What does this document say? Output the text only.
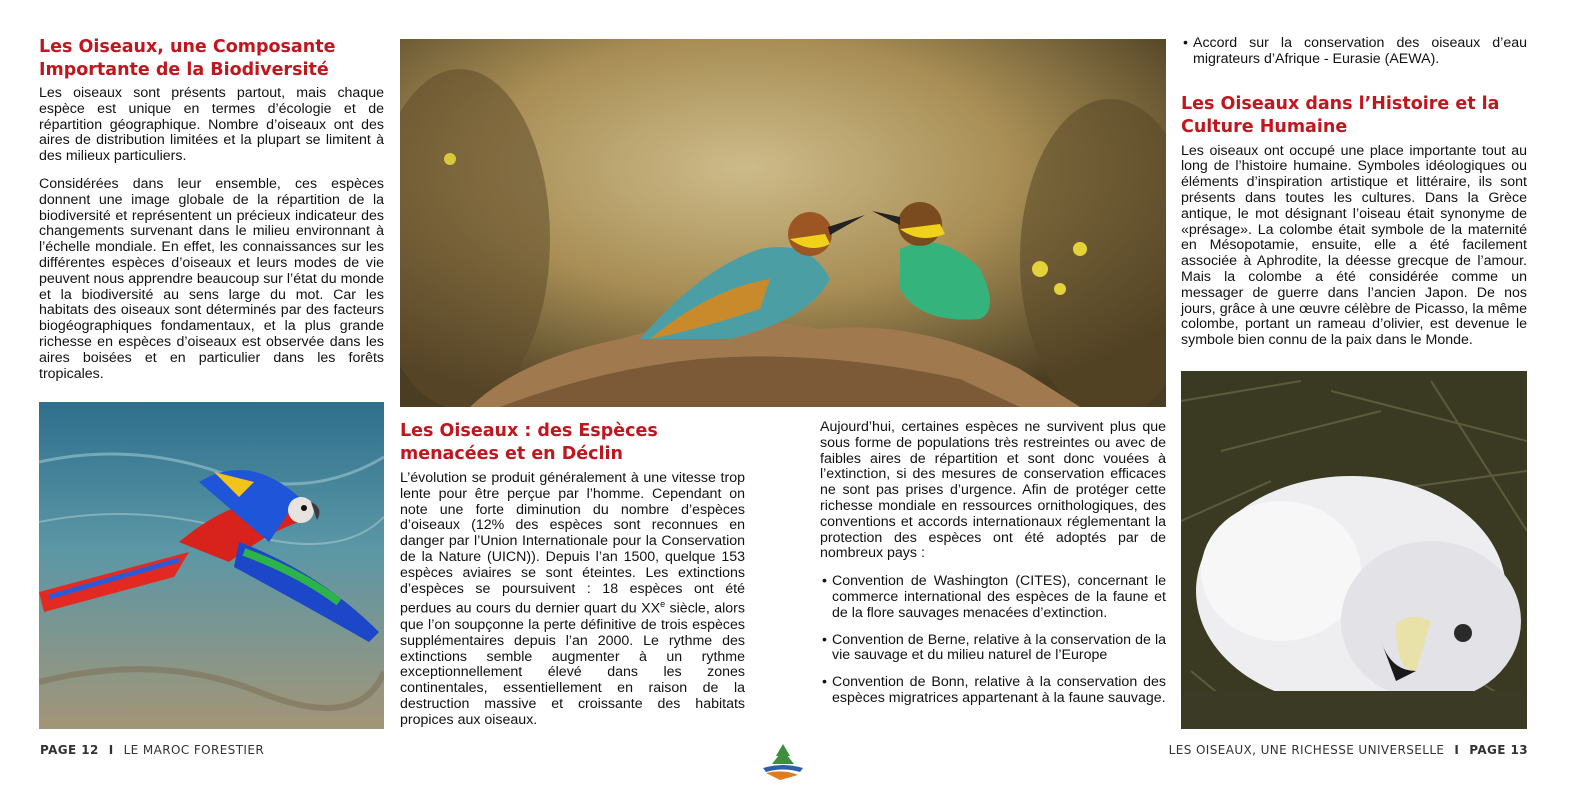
Les Oiseaux, une Composante Importante de la Biodiversité

Les oiseaux sont présents partout, mais chaque espèce est unique en termes d’écologie et de répartition géographique. Nombre d’oiseaux ont des aires de distribution limitées et la plupart se limitent à des milieux particuliers.

Considérées dans leur ensemble, ces espèces donnent une image globale de la répartition de la biodiversité et représentent un précieux indicateur des changements survenant dans le milieu environnant à l’échelle mondiale. En effet, les connaissances sur les différentes espèces d’oiseaux et leurs modes de vie peuvent nous apprendre beaucoup sur l’état du monde et la biodiversité au sens large du mot. Car les habitats des oiseaux sont déterminés par des facteurs biogéographiques fondamentaux, et la plus grande richesse en espèces d’oiseaux est observée dans les aires boisées et en particulier dans les forêts tropicales.

Les Oiseaux : des Espèces menacées et en Déclin

L’évolution se produit généralement à une vitesse trop lente pour être perçue par l’homme. Cependant on note une forte diminution du nombre d’espèces d’oiseaux (12% des espèces sont reconnues en danger par l’Union Internationale pour la Conservation de la Nature (UICN)). Depuis l’an 1500, quelque 153 espèces aviaires se sont éteintes. Les extinctions d’espèces se poursuivent : 18 espèces ont été perdues au cours du dernier quart du XXe siècle, alors que l’on soupçonne la perte définitive de trois espèces supplémentaires depuis l’an 2000. Le rythme des extinctions semble augmenter à un rythme exceptionnellement élevé dans les zones continentales, essentiellement en raison de la destruction massive et croissante des habitats propices aux oiseaux.

Aujourd’hui, certaines espèces ne survivent plus que sous forme de populations très restreintes ou avec de faibles aires de répartition et sont donc vouées à l’extinction, si des mesures de conservation efficaces ne sont pas prises d’urgence. Afin de protéger cette richesse mondiale en ressources ornithologiques, des conventions et accords internationaux réglementant la protection des espèces ont été adoptés par de nombreux pays :

• Convention de Washington (CITES), concernant le commerce international des espèces de la faune et de la flore sauvages menacées d’extinction.
• Convention de Berne, relative à la conservation de la vie sauvage et du milieu naturel de l’Europe
• Convention de Bonn, relative à la conservation des espèces migratrices appartenant à la faune sauvage.
• Accord sur la conservation des oiseaux d’eau migrateurs d’Afrique - Eurasie (AEWA).
Les Oiseaux dans l’Histoire et la Culture Humaine

Les oiseaux ont occupé une place importante tout au long de l’histoire humaine. Symboles idéologiques ou éléments d’inspiration artistique et littéraire, ils sont présents dans toutes les cultures. Dans la Grèce antique, le mot désignant l’oiseau était synonyme de «présage». La colombe était symbole de la maternité en Mésopotamie, ensuite, elle a été facilement associée à Aphrodite, la déesse grecque de l’amour. Mais la colombe a été considérée comme un messager de guerre dans l’ancien Japon. De nos jours, grâce à une œuvre célèbre de Picasso, la même colombe, portant un rameau d’olivier, est devenue le symbole bien connu de la paix dans le Monde.

PAGE 12 I LE MAROC FORESTIER	LES OISEAUX, UNE RICHESSE UNIVERSELLE I PAGE 13
